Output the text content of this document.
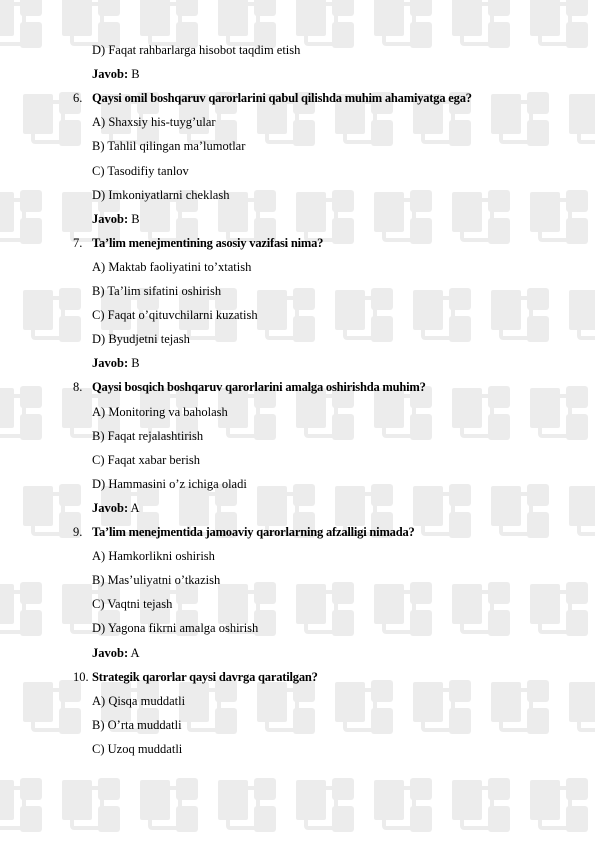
D) Faqat rahbarlarga hisobot taqdim etish
Javob: B
6. Qaysi omil boshqaruv qarorlarini qabul qilishda muhim ahamiyatga ega?
A) Shaxsiy his-tuyg’ular
B) Tahlil qilingan ma’lumotlar
C) Tasodifiy tanlov
D) Imkoniyatlarni cheklash
Javob: B
7. Ta’lim menejmentining asosiy vazifasi nima?
A) Maktab faoliyatini to’xtatish
B) Ta’lim sifatini oshirish
C) Faqat o’qituvchilarni kuzatish
D) Byudjetni tejash
Javob: B
8. Qaysi bosqich boshqaruv qarorlarini amalga oshirishda muhim?
A) Monitoring va baholash
B) Faqat rejalashtirish
C) Faqat xabar berish
D) Hammasini o’z ichiga oladi
Javob: A
9. Ta’lim menejmentida jamoaviy qarorlarning afzalligi nimada?
A) Hamkorlikni oshirish
B) Mas’uliyatni o’tkazish
C) Vaqtni tejash
D) Yagona fikrni amalga oshirish
Javob: A
10. Strategik qarorlar qaysi davrga qaratilgan?
A) Qisqa muddatli
B) O’rta muddatli
C) Uzoq muddatli
